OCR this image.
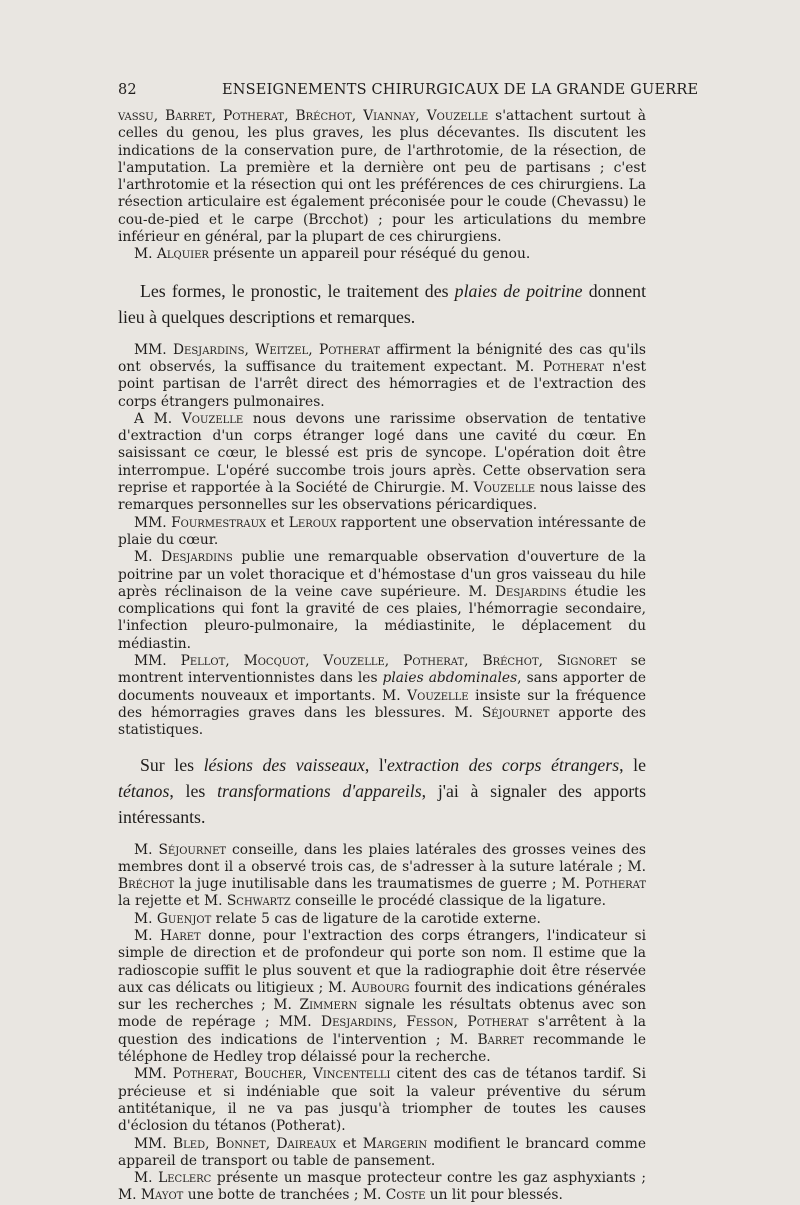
82	ENSEIGNEMENTS CHIRURGICAUX DE LA GRANDE GUERRE

vassu, Barret, Potherat, Bréchot, Viannay, Vouzelle s'attachent surtout à celles du genou, les plus graves, les plus décevantes. Ils discutent les indications de la conservation pure, de l'arthrotomie, de la résection, de l'amputation. La première et la dernière ont peu de partisans ; c'est l'arthrotomie et la résection qui ont les préférences de ces chirurgiens. La résection articulaire est également préconisée pour le coude (Chevassu) le cou-de-pied et le carpe (Brcchot) ; pour les articulations du membre inférieur en général, par la plupart de ces chirurgiens.

M. Alquier présente un appareil pour réséqué du genou.

Les formes, le pronostic, le traitement des plaies de poitrine donnent lieu à quelques descriptions et remarques.

MM. Desjardins, Weitzel, Potherat affirment la bénignité des cas qu'ils ont observés, la suffisance du traitement expectant. M. Potherat n'est point partisan de l'arrêt direct des hémorragies et de l'extraction des corps étrangers pulmonaires.

A M. Vouzelle nous devons une rarissime observation de tentative d'extraction d'un corps étranger logé dans une cavité du cœur. En saisissant ce cœur, le blessé est pris de syncope. L'opération doit être interrompue. L'opéré succombe trois jours après. Cette observation sera reprise et rapportée à la Société de Chirurgie. M. Vouzelle nous laisse des remarques personnelles sur les observations péricardiques.

MM. Fourmestraux et Leroux rapportent une observation intéressante de plaie du cœur.

M. Desjardins publie une remarquable observation d'ouverture de la poitrine par un volet thoracique et d'hémostase d'un gros vaisseau du hile après réclinaison de la veine cave supérieure. M. Desjardins étudie les complications qui font la gravité de ces plaies, l'hémorragie secondaire, l'infection pleuro-pulmonaire, la médiastinite, le déplacement du médiastin.

MM. Pellot, Mocquot, Vouzelle, Potherat, Bréchot, Signoret se montrent interventionnistes dans les plaies abdominales, sans apporter de documents nouveaux et importants. M. Vouzelle insiste sur la fréquence des hémorragies graves dans les blessures. M. Séjournet apporte des statistiques.

Sur les lésions des vaisseaux, l'extraction des corps étrangers, le tétanos, les transformations d'appareils, j'ai à signaler des apports intéressants.

M. Séjournet conseille, dans les plaies latérales des grosses veines des membres dont il a observé trois cas, de s'adresser à la suture latérale ; M. Bréchot la juge inutilisable dans les traumatismes de guerre ; M. Potherat la rejette et M. Schwartz conseille le procédé classique de la ligature.

M. Guenjot relate 5 cas de ligature de la carotide externe.

M. Haret donne, pour l'extraction des corps étrangers, l'indicateur si simple de direction et de profondeur qui porte son nom. Il estime que la radioscopie suffit le plus souvent et que la radiographie doit être réservée aux cas délicats ou litigieux ; M. Aubourg fournit des indications générales sur les recherches ; M. Zimmern signale les résultats obtenus avec son mode de repérage ; MM. Desjardins, Fesson, Potherat s'arrêtent à la question des indications de l'intervention ; M. Barret recommande le téléphone de Hedley trop délaissé pour la recherche.

MM. Potherat, Boucher, Vincentelli citent des cas de tétanos tardif. Si précieuse et si indéniable que soit la valeur préventive du sérum antitétanique, il ne va pas jusqu'à triompher de toutes les causes d'éclosion du tétanos (Potherat).

MM. Bled, Bonnet, Daireaux et Margerin modifient le brancard comme appareil de transport ou table de pansement.

M. Leclerc présente un masque protecteur contre les gaz asphyxiants ; M. Mayot une botte de tranchées ; M. Coste un lit pour blessés.
